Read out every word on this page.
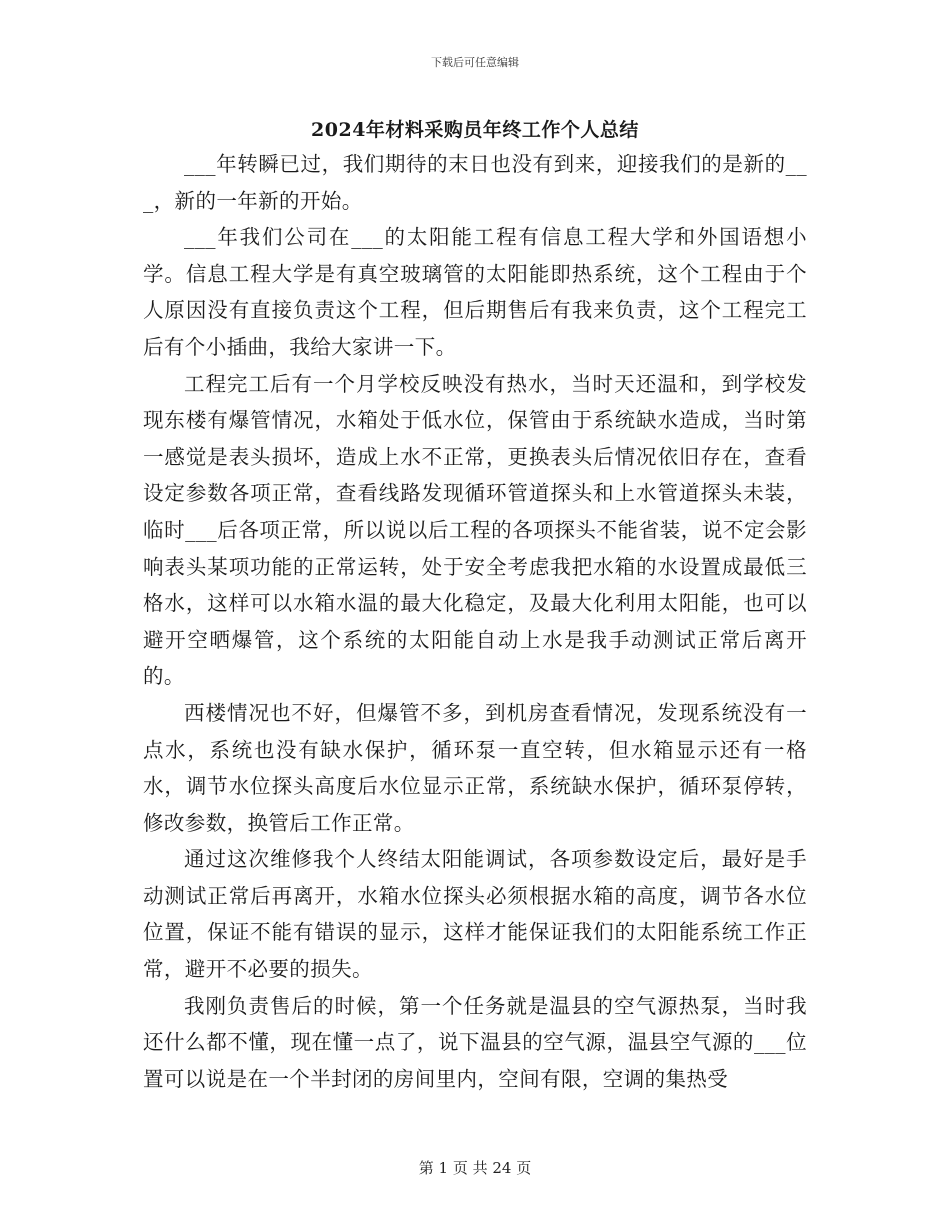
下载后可任意编辑
2024年材料采购员年终工作个人总结

___年转瞬已过，我们期待的末日也没有到来，迎接我们的是新的___，新的一年新的开始。

___年我们公司在___的太阳能工程有信息工程大学和外国语想小学。信息工程大学是有真空玻璃管的太阳能即热系统，这个工程由于个人原因没有直接负责这个工程，但后期售后有我来负责，这个工程完工后有个小插曲，我给大家讲一下。

工程完工后有一个月学校反映没有热水，当时天还温和，到学校发现东楼有爆管情况，水箱处于低水位，保管由于系统缺水造成，当时第一感觉是表头损坏，造成上水不正常，更换表头后情况依旧存在，查看设定参数各项正常，查看线路发现循环管道探头和上水管道探头未装，临时___后各项正常，所以说以后工程的各项探头不能省装，说不定会影响表头某项功能的正常运转，处于安全考虑我把水箱的水设置成最低三格水，这样可以水箱水温的最大化稳定，及最大化利用太阳能，也可以避开空晒爆管，这个系统的太阳能自动上水是我手动测试正常后离开的。

西楼情况也不好，但爆管不多，到机房查看情况，发现系统没有一点水，系统也没有缺水保护，循环泵一直空转，但水箱显示还有一格水，调节水位探头高度后水位显示正常，系统缺水保护，循环泵停转，修改参数，换管后工作正常。

通过这次维修我个人终结太阳能调试，各项参数设定后，最好是手动测试正常后再离开，水箱水位探头必须根据水箱的高度，调节各水位位置，保证不能有错误的显示，这样才能保证我们的太阳能系统工作正常，避开不必要的损失。

我刚负责售后的时候，第一个任务就是温县的空气源热泵，当时我还什么都不懂，现在懂一点了，说下温县的空气源，温县空气源的___位置可以说是在一个半封闭的房间里内，空间有限，空调的集热受

第 1 页 共 24 页
